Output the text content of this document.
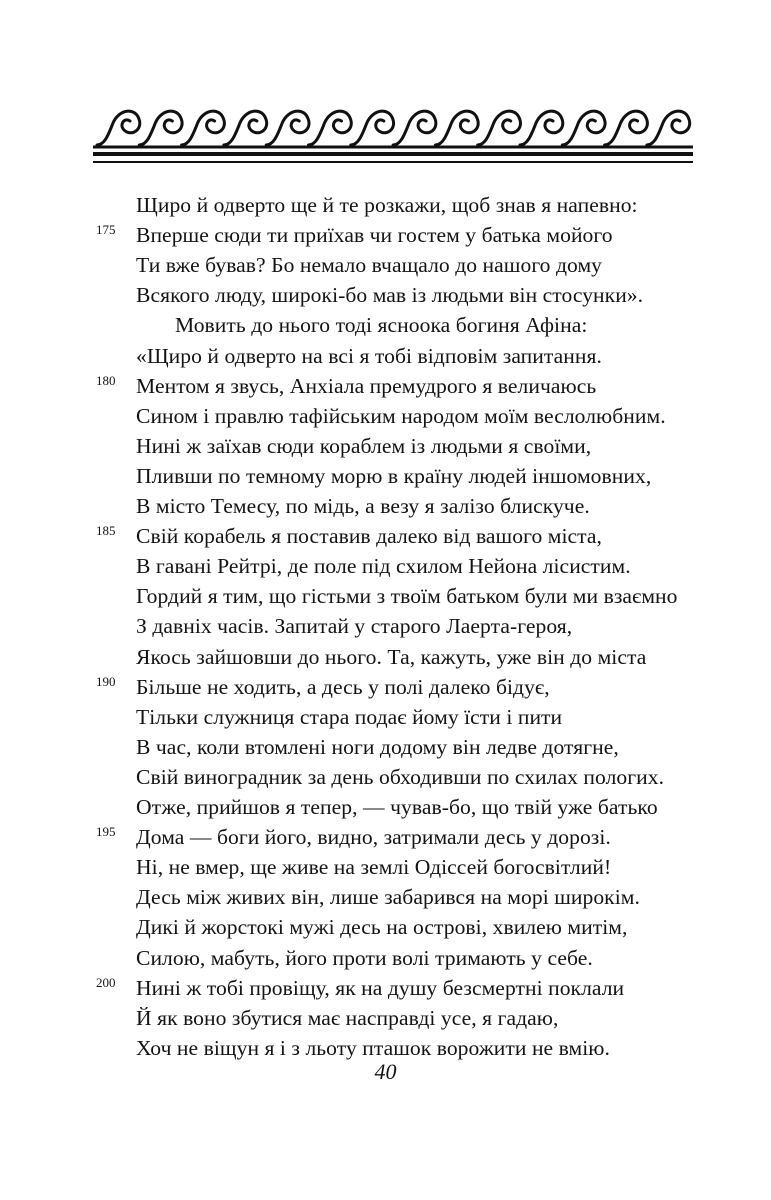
Щиро й одверто ще й те розкажи, щоб знав я напевно:
Вперше сюди ти приїхав чи гостем у батька мойого
175
Ти вже бував? Бо немало вчащало до нашого дому
Всякого люду, широкі-бо мав із людьми він стосунки».
Мовить до нього тоді ясноока богиня Афіна:
«Щиро й одверто на всі я тобі відповім запитання.
Ментом я звусь, Анхіала премудрого я величаюсь
180
Сином і правлю тафійським народом моїм веслолюбним.
Нині ж заїхав сюди кораблем із людьми я своїми,
Пливши по темному морю в країну людей іншомовних,
В місто Темесу, по мідь, а везу я залізо блискуче.
Свій корабель я поставив далеко від вашого міста,
185
В гавані Рейтрі, де поле під схилом Нейона лісистим.
Гордий я тим, що гістьми з твоїм батьком були ми взаємно
З давніх часів. Запитай у старого Лаерта-героя,
Якось зайшовши до нього. Та, кажуть, уже він до міста
Більше не ходить, а десь у полі далеко бідує,
190
Тільки служниця стара подає йому їсти і пити
В час, коли втомлені ноги додому він ледве дотягне,
Свій виноградник за день обходивши по схилах пологих.
Отже, прийшов я тепер, — чував-бо, що твій уже батько
Дома — боги його, видно, затримали десь у дорозі.
195
Ні, не вмер, ще живе на землі Одіссей богосвітлий!
Десь між живих він, лише забарився на морі широкім.
Дикі й жорстокі мужі десь на острові, хвилею митім,
Силою, мабуть, його проти волі тримають у себе.
Нині ж тобі провіщу, як на душу безсмертні поклали
200
Й як воно збутися має насправді усе, я гадаю,
Хоч не віщун я і з льоту пташок ворожити не вмію.
40
